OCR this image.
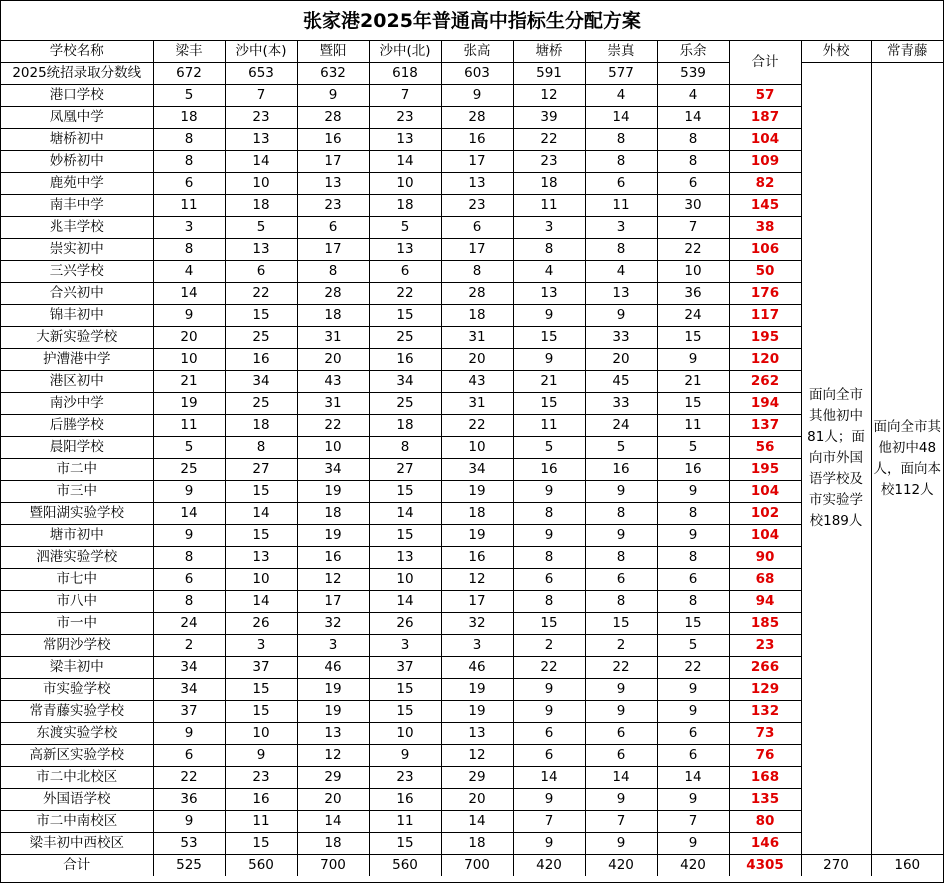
张家港2025年普通高中指标生分配方案
学校名称	梁丰	沙中(本)	暨阳	沙中(北)	张高	塘桥	崇真	乐余	合计	外校	常青藤
2025统招录取分数线	672	653	632	618	603	591	577	539		面向全市其他初中81人；面向市外国语学校及市实验学校189人	面向全市其他初中48人，面向本校112人
港口学校	5	7	9	7	9	12	4	4	57		
凤凰中学	18	23	28	23	28	39	14	14	187		
塘桥初中	8	13	16	13	16	22	8	8	104		
妙桥初中	8	14	17	14	17	23	8	8	109		
鹿苑中学	6	10	13	10	13	18	6	6	82		
南丰中学	11	18	23	18	23	11	11	30	145		
兆丰学校	3	5	6	5	6	3	3	7	38		
崇实初中	8	13	17	13	17	8	8	22	106		
三兴学校	4	6	8	6	8	4	4	10	50		
合兴初中	14	22	28	22	28	13	13	36	176		
锦丰初中	9	15	18	15	18	9	9	24	117		
大新实验学校	20	25	31	25	31	15	33	15	195		
护漕港中学	10	16	20	16	20	9	20	9	120		
港区初中	21	34	43	34	43	21	45	21	262		
南沙中学	19	25	31	25	31	15	33	15	194		
后塍学校	11	18	22	18	22	11	24	11	137		
晨阳学校	5	8	10	8	10	5	5	5	56		
市二中	25	27	34	27	34	16	16	16	195		
市三中	9	15	19	15	19	9	9	9	104		
暨阳湖实验学校	14	14	18	14	18	8	8	8	102		
塘市初中	9	15	19	15	19	9	9	9	104		
泗港实验学校	8	13	16	13	16	8	8	8	90		
市七中	6	10	12	10	12	6	6	6	68		
市八中	8	14	17	14	17	8	8	8	94		
市一中	24	26	32	26	32	15	15	15	185		
常阴沙学校	2	3	3	3	3	2	2	5	23		
梁丰初中	34	37	46	37	46	22	22	22	266		
市实验学校	34	15	19	15	19	9	9	9	129		
常青藤实验学校	37	15	19	15	19	9	9	9	132		
东渡实验学校	9	10	13	10	13	6	6	6	73		
高新区实验学校	6	9	12	9	12	6	6	6	76		
市二中北校区	22	23	29	23	29	14	14	14	168		
外国语学校	36	16	20	16	20	9	9	9	135		
市二中南校区	9	11	14	11	14	7	7	7	80		
梁丰初中西校区	53	15	18	15	18	9	9	9	146		
合计	525	560	700	560	700	420	420	420	4305	270	160
